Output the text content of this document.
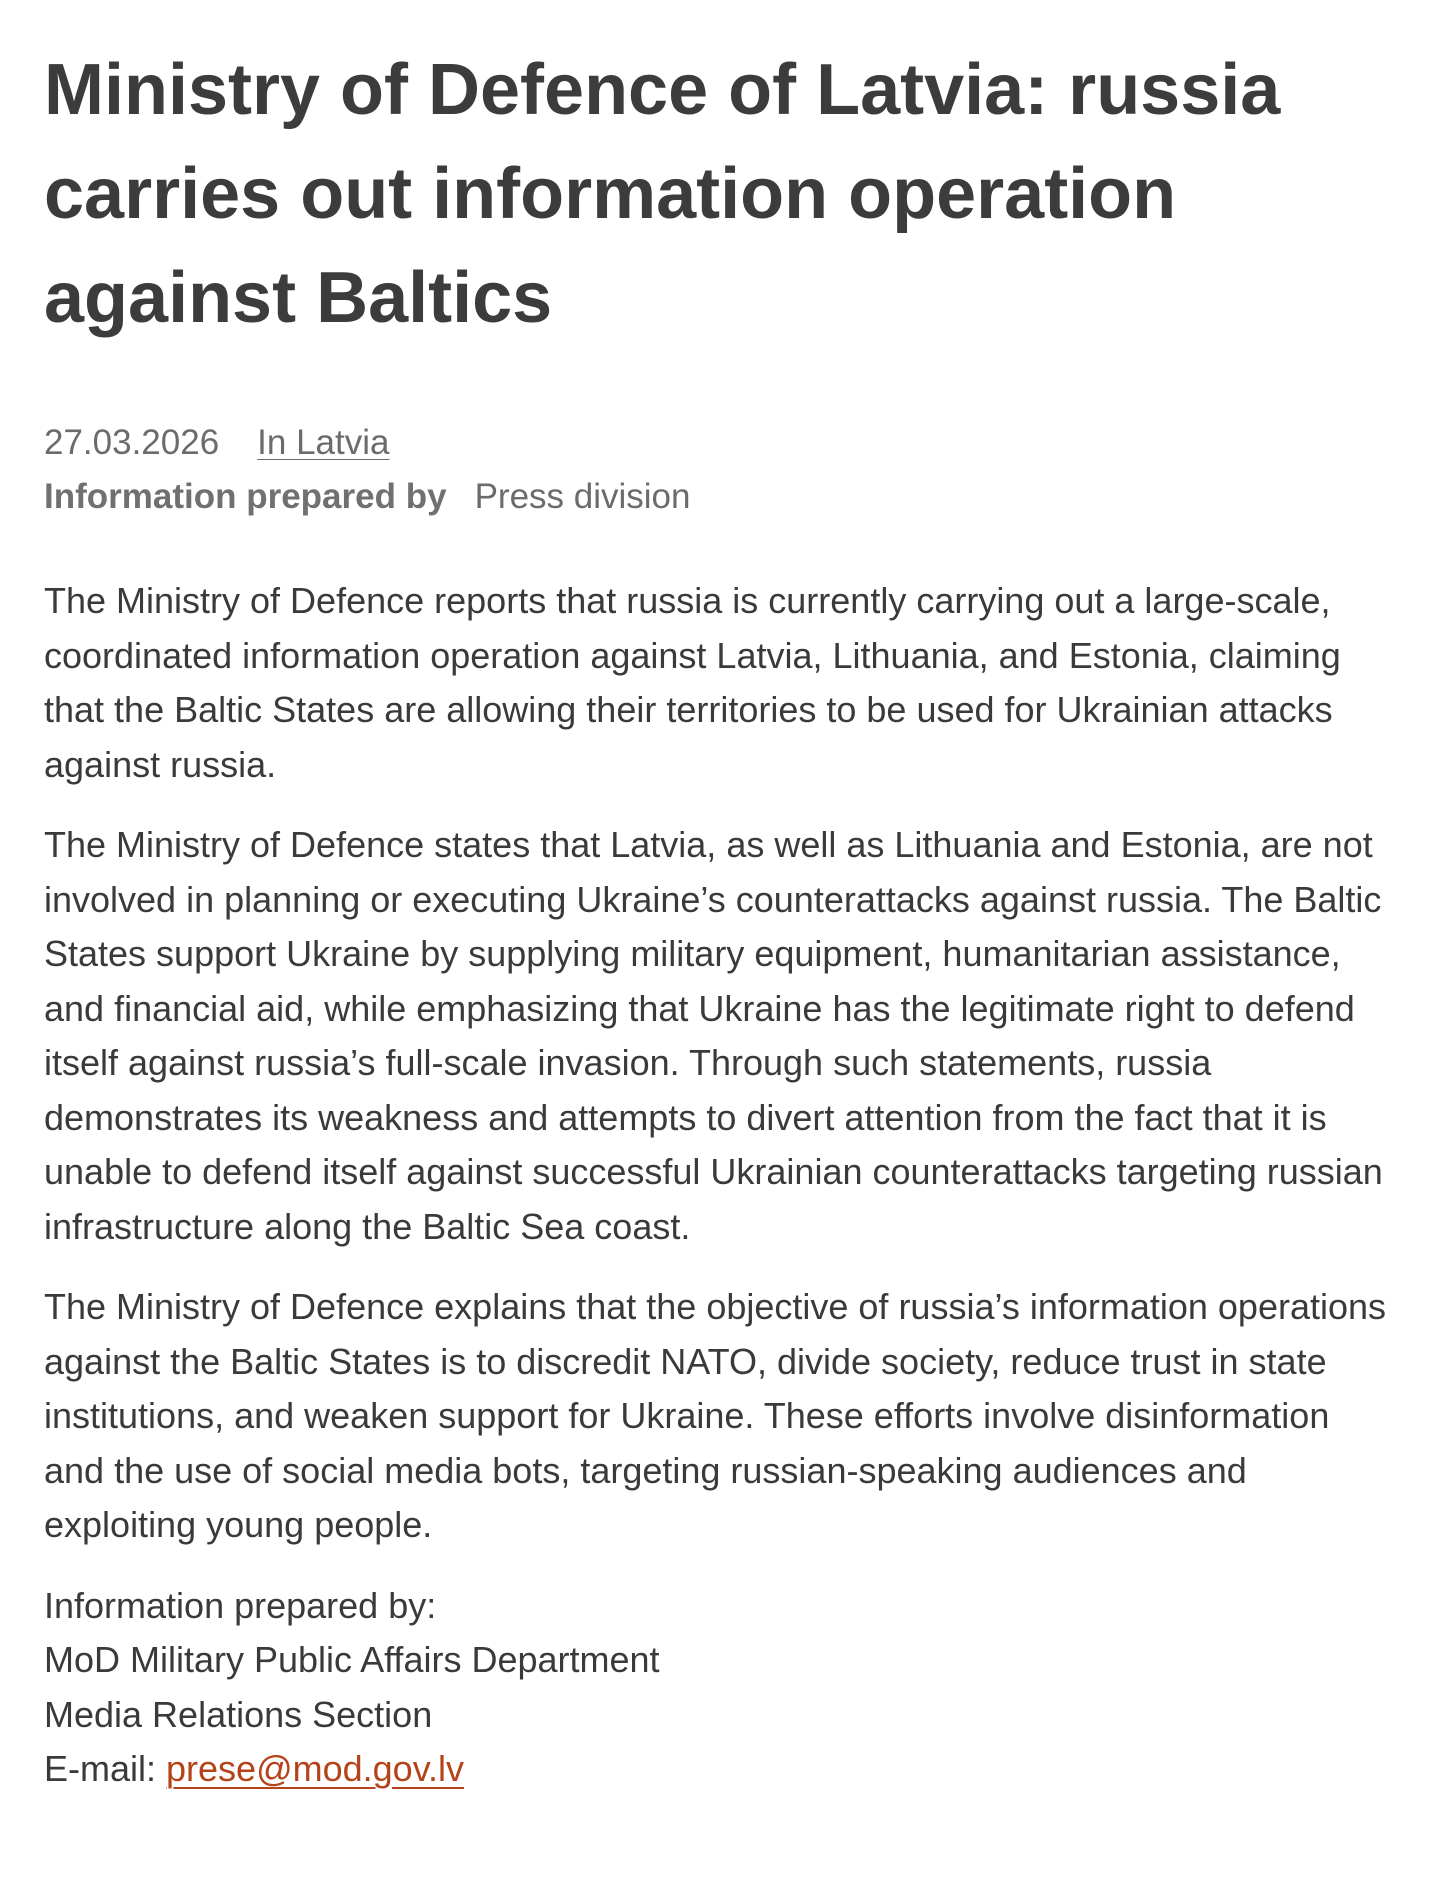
Ministry of Defence of Latvia: russia carries out information operation against Baltics
27.03.2026 In Latvia
Information prepared by Press division

The Ministry of Defence reports that russia is currently carrying out a large-scale, coordinated information operation against Latvia, Lithuania, and Estonia, claiming that the Baltic States are allowing their territories to be used for Ukrainian attacks against russia.

The Ministry of Defence states that Latvia, as well as Lithuania and Estonia, are not involved in planning or executing Ukraine’s counterattacks against russia. The Baltic States support Ukraine by supplying military equipment, humanitarian assistance, and financial aid, while emphasizing that Ukraine has the legitimate right to defend itself against russia’s full-scale invasion. Through such statements, russia demonstrates its weakness and attempts to divert attention from the fact that it is unable to defend itself against successful Ukrainian counterattacks targeting russian infrastructure along the Baltic Sea coast.

The Ministry of Defence explains that the objective of russia’s information operations against the Baltic States is to discredit NATO, divide society, reduce trust in state institutions, and weaken support for Ukraine. These efforts involve disinformation and the use of social media bots, targeting russian-speaking audiences and exploiting young people.

Information prepared by:
MoD Military Public Affairs Department
Media Relations Section
E-mail: prese@mod.gov.lv
